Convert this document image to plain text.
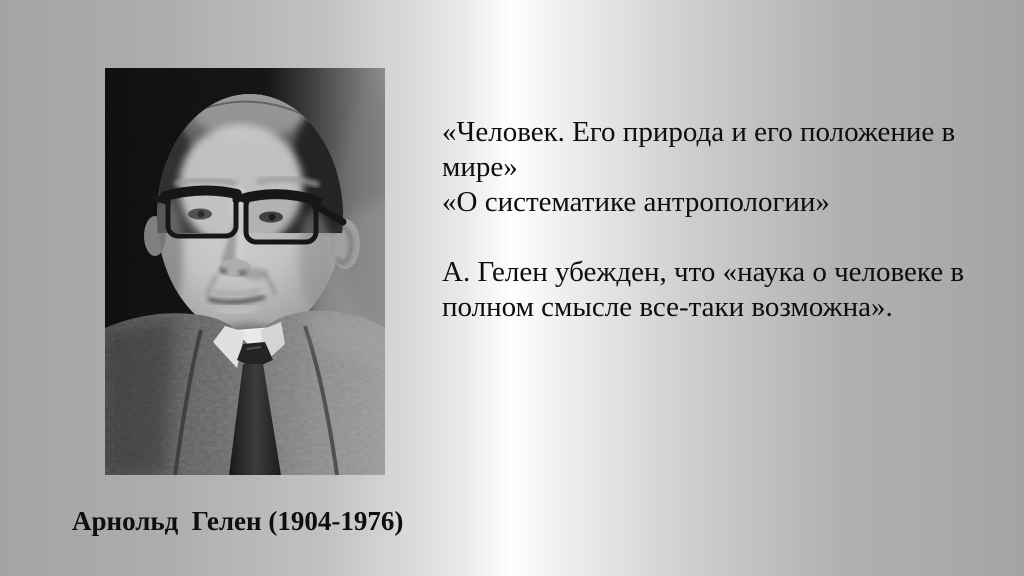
Арнольд  Гелен (1904-1976)

«Человек. Его природа и его положение в мире»

«О систематике антропологии»

А. Гелен убежден, что «наука о человеке в полном смысле все-таки возможна».
